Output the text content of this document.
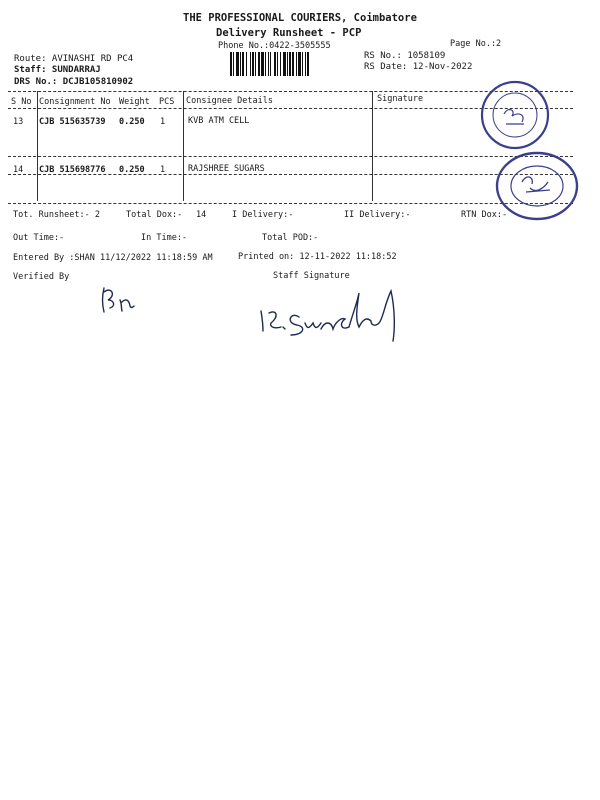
THE PROFESSIONAL COURIERS, Coimbatore
Delivery Runsheet - PCP
Phone No.:0422-3505555	Page No.:2
Route: AVINASHI RD PC4
Staff: SUNDARRAJ
DRS No.: DCJB105810902
RS No.: 1058109
RS Date: 12-Nov-2022
S No Consignment No Weight PCS Consignee Details	Signature
13 CJB 515635739 0.250 1	KVB ATM CELL
14 CJB 515698776 0.250 1	RAJSHREE SUGARS
Tot. Runsheet:- 2	Total Dox:- 14	I Delivery:-	II Delivery:-	RTN Dox:-
Out Time:-	In Time:-	Total POD:-
Entered By :SHAN 11/12/2022 11:18:59 AM	Printed on: 12-11-2022 11:18:52
Verified By	Staff Signature
